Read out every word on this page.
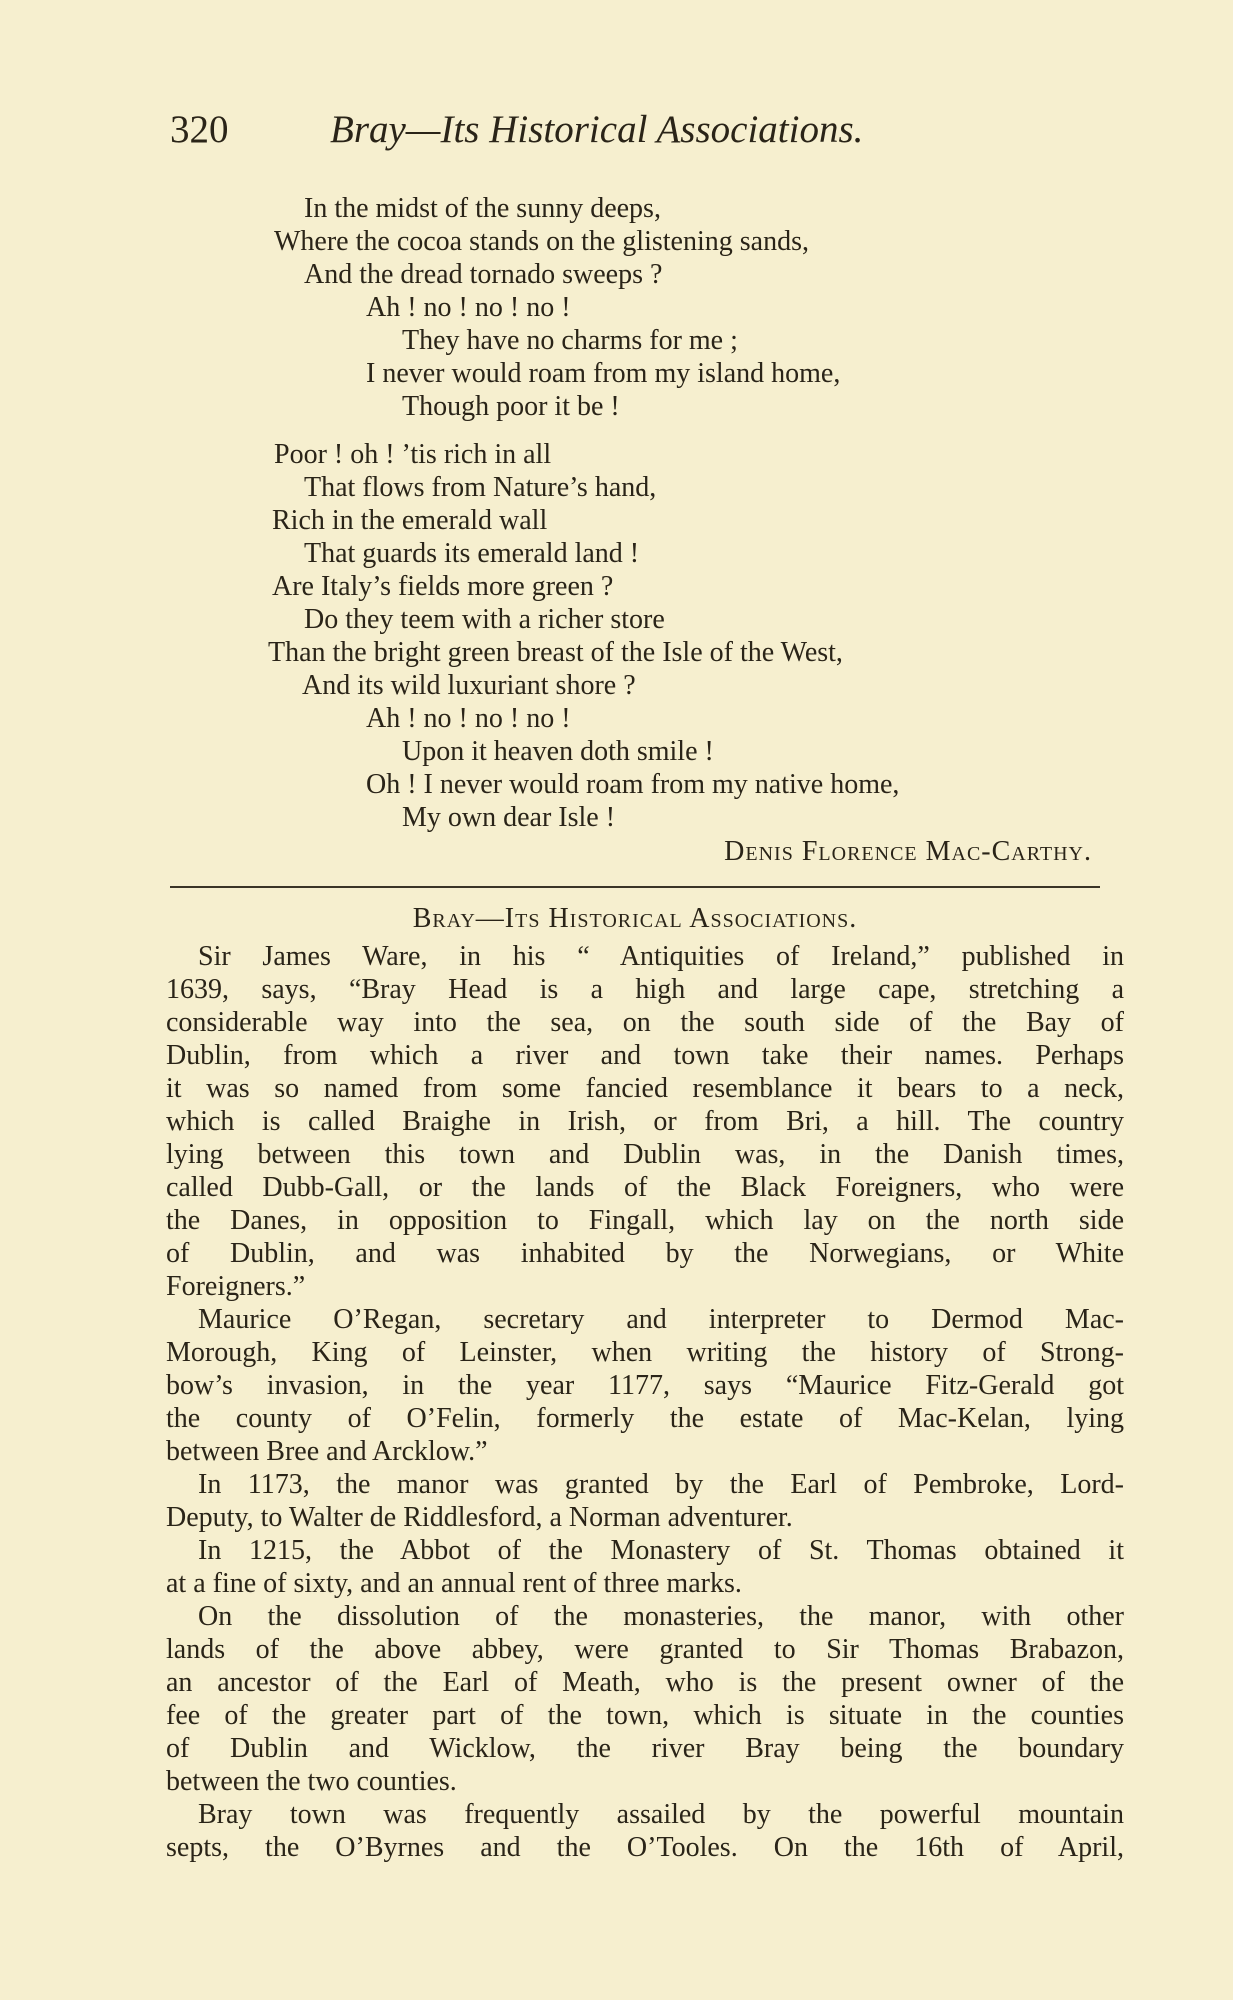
320	Bray—Its Historical Associations.
In the midst of the sunny deeps,
Where the cocoa stands on the glistening sands,
And the dread tornado sweeps ?
Ah ! no ! no ! no !
They have no charms for me ;
I never would roam from my island home,
Though poor it be !
Poor ! oh ! ’tis rich in all
That flows from Nature’s hand,
Rich in the emerald wall
That guards its emerald land !
Are Italy’s fields more green ?
Do they teem with a richer store
Than the bright green breast of the Isle of the West,
And its wild luxuriant shore ?
Ah ! no ! no ! no !
Upon it heaven doth smile !
Oh ! I never would roam from my native home,
My own dear Isle !
Denis Florence Mac-Carthy.
Bray—Its Historical Associations.
Sir James Ware, in his “ Antiquities of Ireland,” published in
1639, says, “Bray Head is a high and large cape, stretching a
considerable way into the sea, on the south side of the Bay of
Dublin, from which a river and town take their names. Perhaps
it was so named from some fancied resemblance it bears to a neck,
which is called Braighe in Irish, or from Bri, a hill. The country
lying between this town and Dublin was, in the Danish times,
called Dubb-Gall, or the lands of the Black Foreigners, who were
the Danes, in opposition to Fingall, which lay on the north side
of Dublin, and was inhabited by the Norwegians, or White
Foreigners.”
Maurice O’Regan, secretary and interpreter to Dermod Mac-
Morough, King of Leinster, when writing the history of Strong-
bow’s invasion, in the year 1177, says “Maurice Fitz-Gerald got
the county of O’Felin, formerly the estate of Mac-Kelan, lying
between Bree and Arcklow.”
In 1173, the manor was granted by the Earl of Pembroke, Lord-
Deputy, to Walter de Riddlesford, a Norman adventurer.
In 1215, the Abbot of the Monastery of St. Thomas obtained it
at a fine of sixty, and an annual rent of three marks.
On the dissolution of the monasteries, the manor, with other
lands of the above abbey, were granted to Sir Thomas Brabazon,
an ancestor of the Earl of Meath, who is the present owner of the
fee of the greater part of the town, which is situate in the counties
of Dublin and Wicklow, the river Bray being the boundary
between the two counties.
Bray town was frequently assailed by the powerful mountain
septs, the O’Byrnes and the O’Tooles. On the 16th of April,
